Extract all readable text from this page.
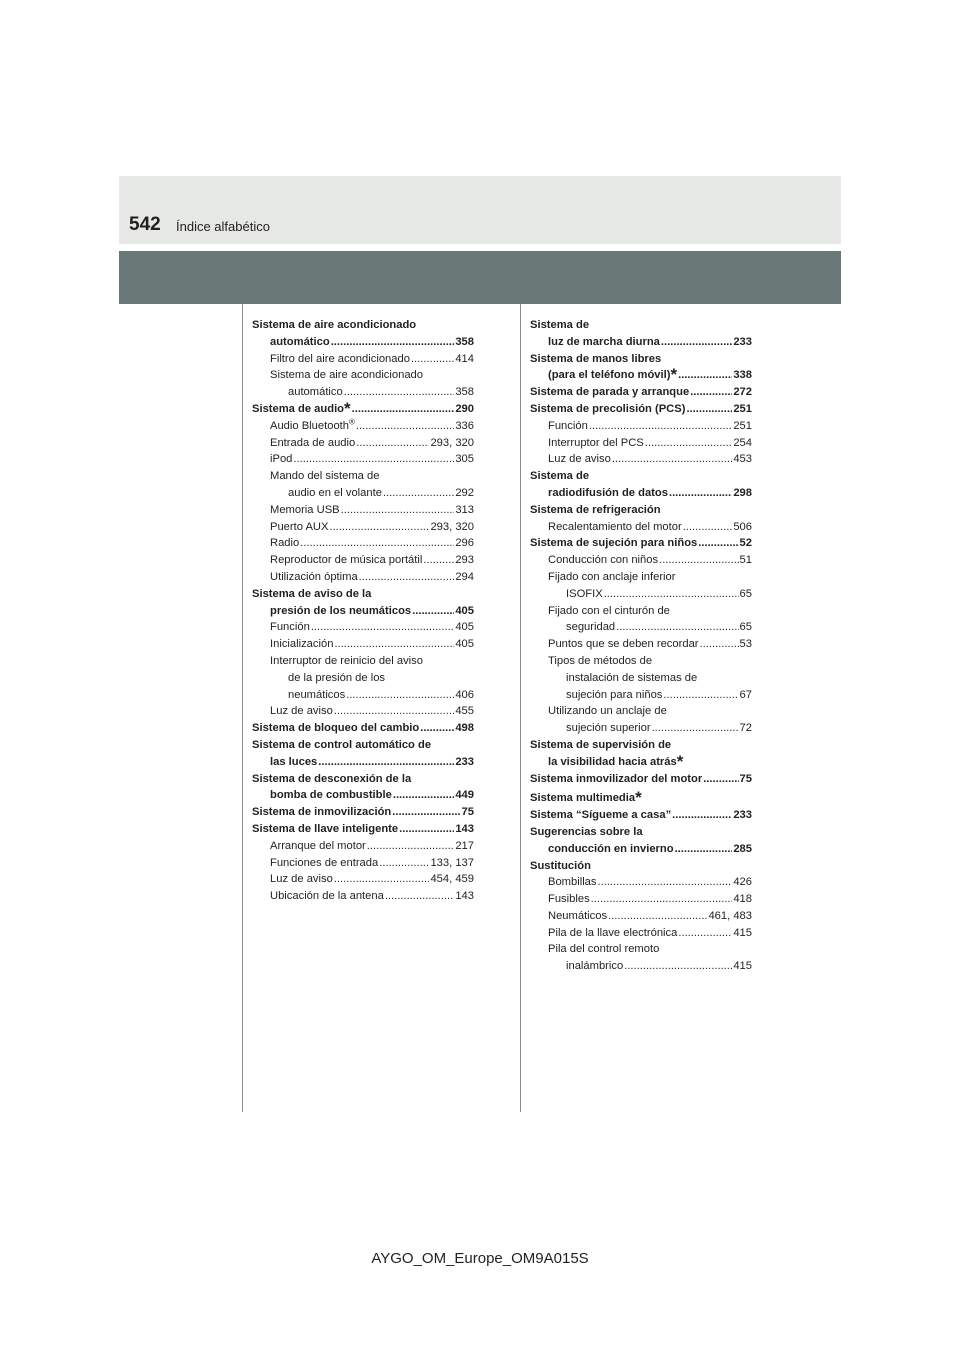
542 Índice alfabético
Sistema de aire acondicionado
automático .....	358
Filtro del aire acondicionado .....	414
Sistema de aire acondicionado
automático .....	358
Sistema de audio* .....	290
Audio Bluetooth® .....	336
Entrada de audio .....	293, 320
iPod .....	305
Mando del sistema de
audio en el volante .....	292
Memoria USB .....	313
Puerto AUX .....	293, 320
Radio .....	296
Reproductor de música portátil .....	293
Utilización óptima .....	294
Sistema de aviso de la
presión de los neumáticos .....	405
Función .....	405
Inicialización .....	405
Interruptor de reinicio del aviso
de la presión de los
neumáticos .....	406
Luz de aviso .....	455
Sistema de bloqueo del cambio .....	498
Sistema de control automático de
las luces .....	233
Sistema de desconexión de la
bomba de combustible .....	449
Sistema de inmovilización .....	75
Sistema de llave inteligente .....	143
Arranque del motor .....	217
Funciones de entrada .....	133, 137
Luz de aviso .....	454, 459
Ubicación de la antena .....	143
Sistema de
luz de marcha diurna .....	233
Sistema de manos libres
(para el teléfono móvil)* .....	338
Sistema de parada y arranque .....	272
Sistema de precolisión (PCS) .....	251
Función .....	251
Interruptor del PCS .....	254
Luz de aviso .....	453
Sistema de
radiodifusión de datos .....	298
Sistema de refrigeración
Recalentamiento del motor .....	506
Sistema de sujeción para niños .....	52
Conducción con niños .....	51
Fijado con anclaje inferior
ISOFIX .....	65
Fijado con el cinturón de
seguridad .....	65
Puntos que se deben recordar .....	53
Tipos de métodos de
instalación de sistemas de
sujeción para niños .....	67
Utilizando un anclaje de
sujeción superior .....	72
Sistema de supervisión de
la visibilidad hacia atrás*
Sistema inmovilizador del motor .....	75
Sistema multimedia*
Sistema “Sígueme a casa” .....	233
Sugerencias sobre la
conducción en invierno .....	285
Sustitución
Bombillas .....	426
Fusibles .....	418
Neumáticos .....	461, 483
Pila de la llave electrónica .....	415
Pila del control remoto
inalámbrico .....	415
AYGO_OM_Europe_OM9A015S
